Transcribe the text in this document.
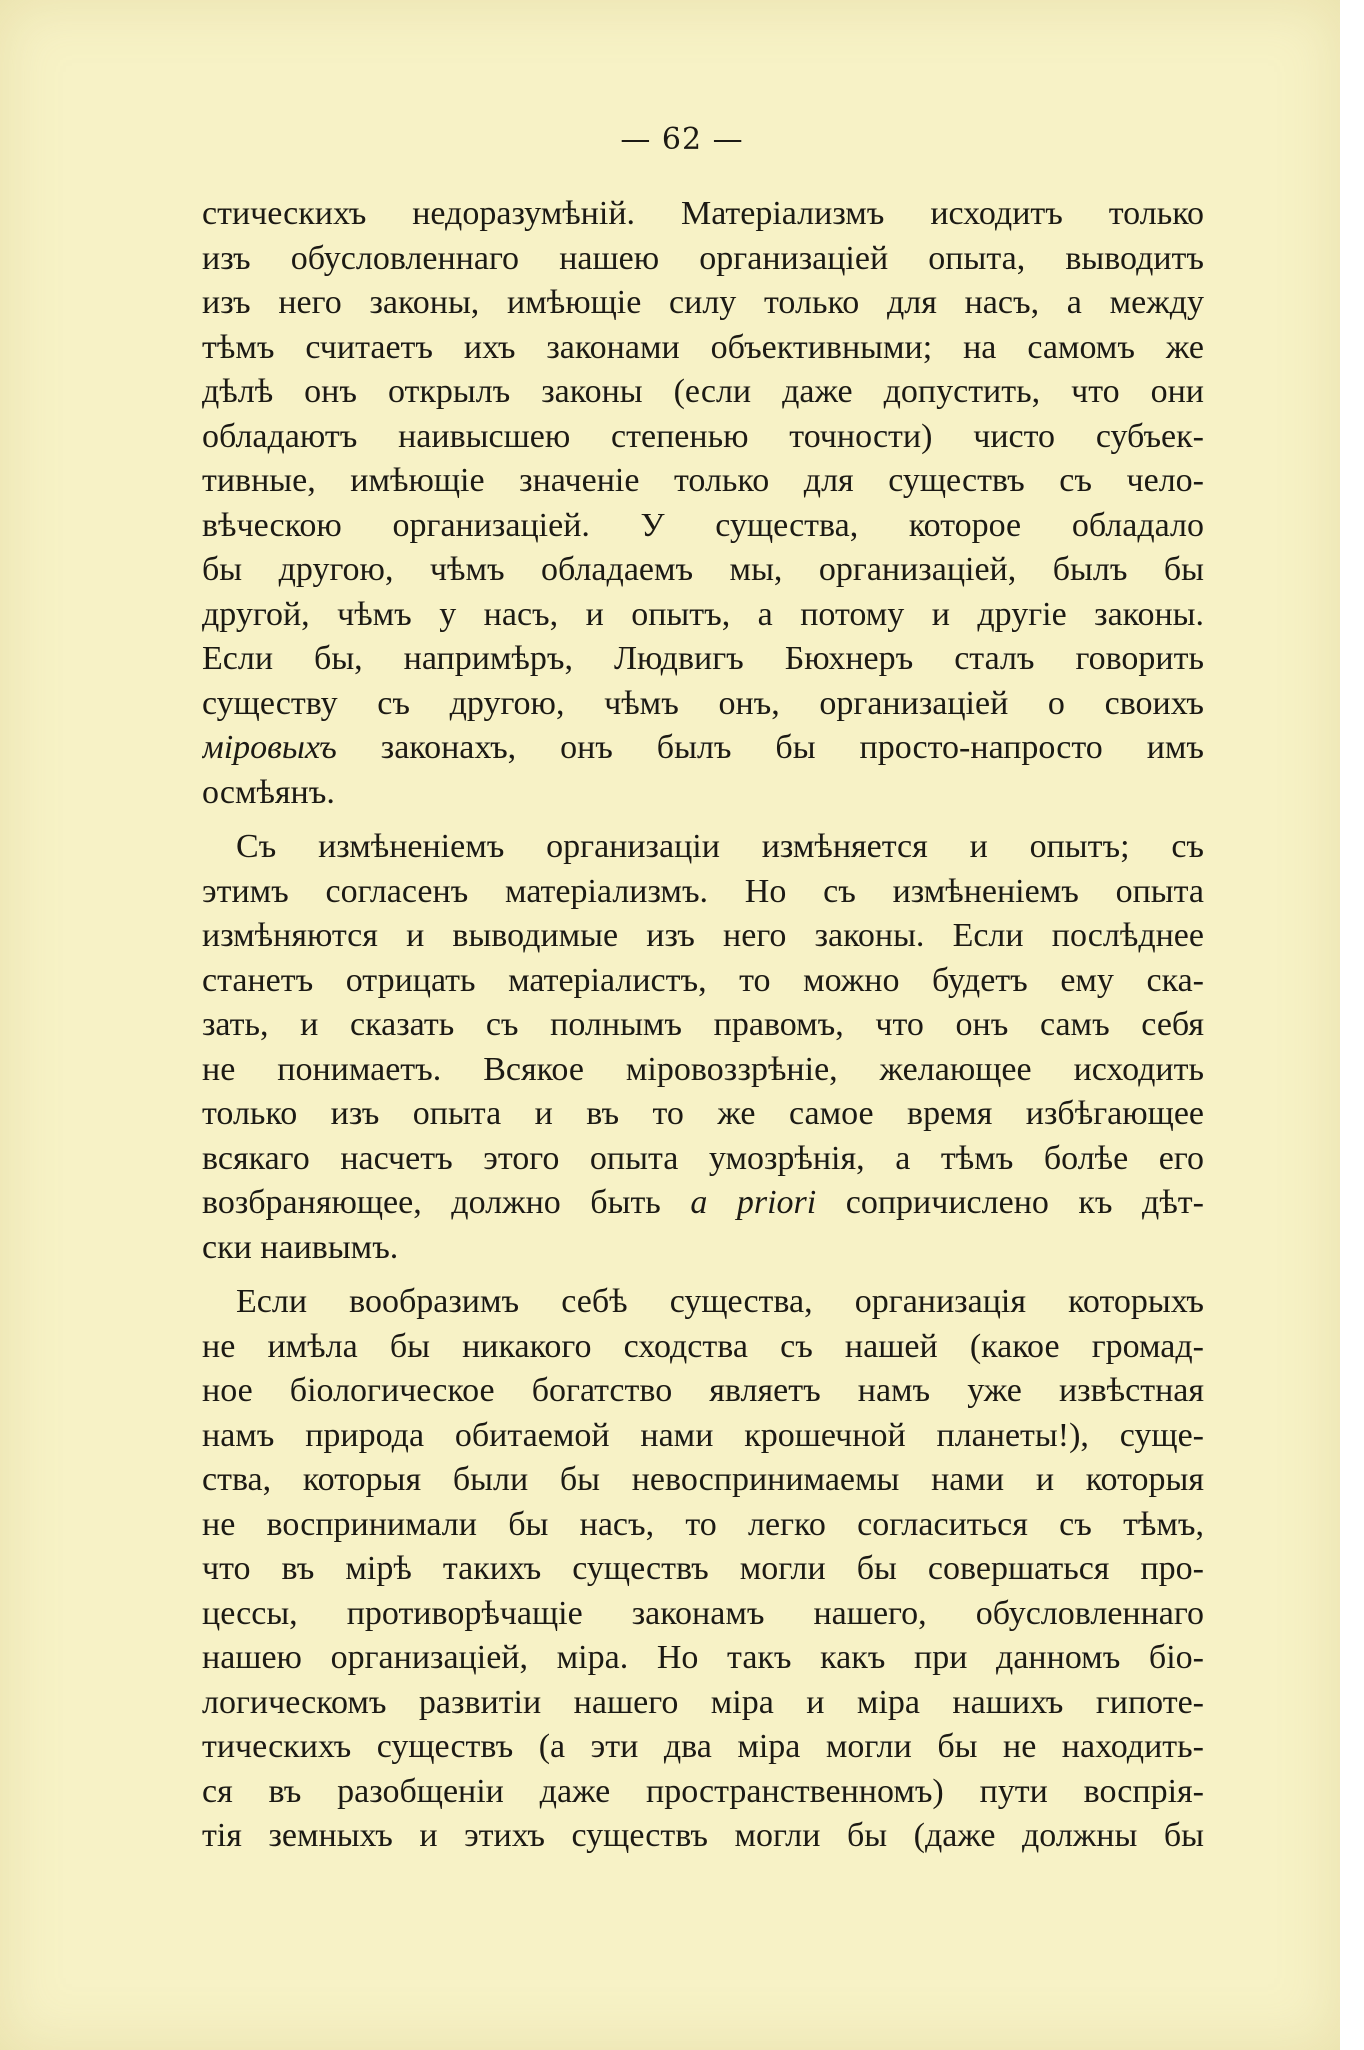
— 62 —
стическихъ недоразумѣній. Матеріализмъ исходитъ только
изъ обусловленнаго нашею организаціей опыта, выводитъ
изъ него законы, имѣющіе силу только для насъ, а между
тѣмъ считаетъ ихъ законами объективными; на самомъ же
дѣлѣ онъ открылъ законы (если даже допустить, что они
обладаютъ наивысшею степенью точности) чисто субъек-
тивные, имѣющіе значеніе только для существъ съ чело-
вѣческою организаціей. У существа, которое обладало
бы другою, чѣмъ обладаемъ мы, организаціей, былъ бы
другой, чѣмъ у насъ, и опытъ, а потому и другіе законы.
Если бы, напримѣръ, Людвигъ Бюхнеръ сталъ говорить
существу съ другою, чѣмъ онъ, организаціей о своихъ
міровыхъ законахъ, онъ былъ бы просто-напросто имъ
осмѣянъ.
Съ измѣненіемъ организаціи измѣняется и опытъ; съ
этимъ согласенъ матеріализмъ. Но съ измѣненіемъ опыта
измѣняются и выводимые изъ него законы. Если послѣднее
станетъ отрицать матеріалистъ, то можно будетъ ему ска-
зать, и сказать съ полнымъ правомъ, что онъ самъ себя
не понимаетъ. Всякое міровоззрѣніе, желающее исходить
только изъ опыта и въ то же самое время избѣгающее
всякаго насчетъ этого опыта умозрѣнія, а тѣмъ болѣе его
возбраняющее, должно быть a priori сопричислено къ дѣт-
ски наивымъ.
Если вообразимъ себѣ существа, организація которыхъ
не имѣла бы никакого сходства съ нашей (какое громад-
ное біологическое богатство являетъ намъ уже извѣстная
намъ природа обитаемой нами крошечной планеты!), суще-
ства, которыя были бы невоспринимаемы нами и которыя
не воспринимали бы насъ, то легко согласиться съ тѣмъ,
что въ мірѣ такихъ существъ могли бы совершаться про-
цессы, противорѣчащіе законамъ нашего, обусловленнаго
нашею организаціей, міра. Но такъ какъ при данномъ біо-
логическомъ развитіи нашего міра и міра нашихъ гипоте-
тическихъ существъ (а эти два міра могли бы не находить-
ся въ разобщеніи даже пространственномъ) пути воспрія-
тія земныхъ и этихъ существъ могли бы (даже должны бы
